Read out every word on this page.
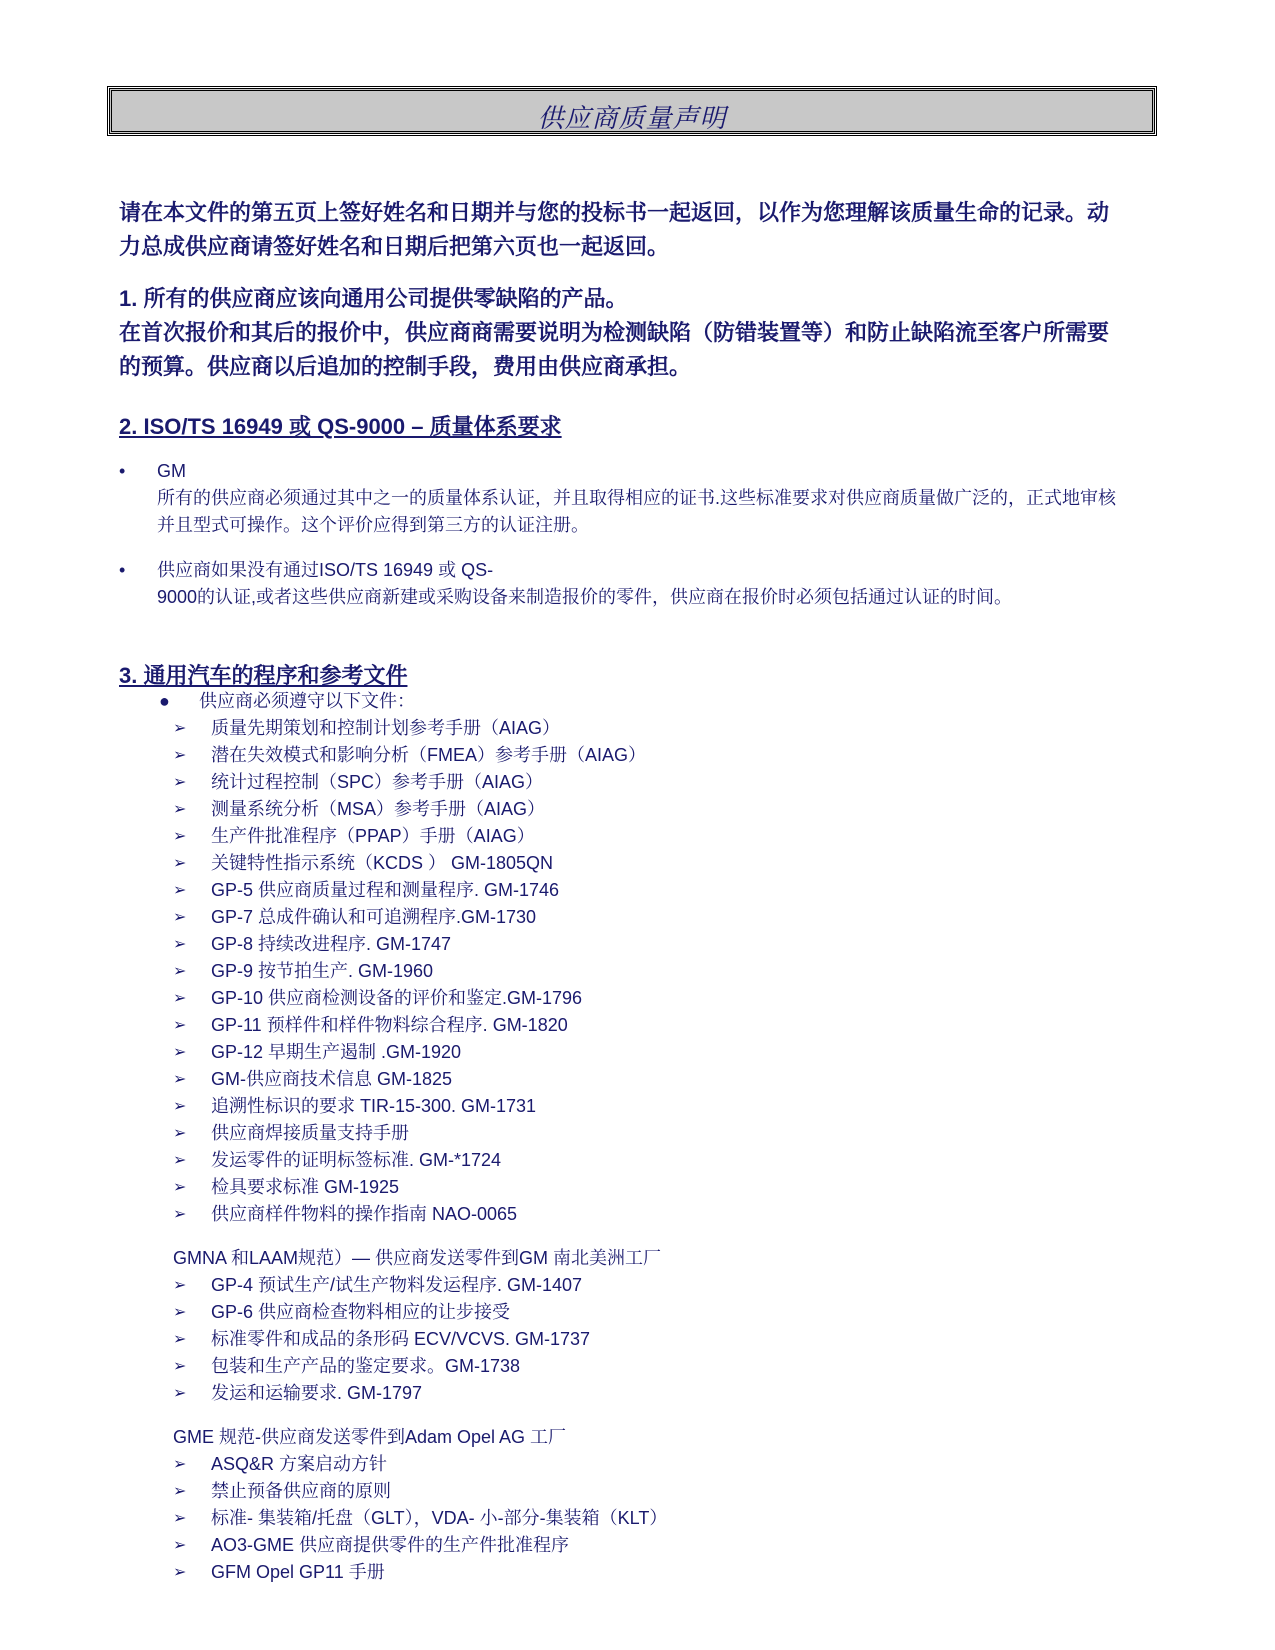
供应商质量声明
请在本文件的第五页上签好姓名和日期并与您的投标书一起返回，以作为您理解该质量生命的记录。动力总成供应商请签好姓名和日期后把第六页也一起返回。
1. 所有的供应商应该向通用公司提供零缺陷的产品。
在首次报价和其后的报价中，供应商商需要说明为检测缺陷（防错装置等）和防止缺陷流至客户所需要的预算。供应商以后追加的控制手段，费用由供应商承担。
2. ISO/TS 16949 或 QS-9000 – 质量体系要求
• GM
所有的供应商必须通过其中之一的质量体系认证，并且取得相应的证书.这些标准要求对供应商质量做广泛的，正式地审核并且型式可操作。这个评价应得到第三方的认证注册。
• 供应商如果没有通过ISO/TS 16949 或 QS-
9000的认证,或者这些供应商新建或采购设备来制造报价的零件，供应商在报价时必须包括通过认证的时间。
3. 通用汽车的程序和参考文件
● 供应商必须遵守以下文件：
➢ 质量先期策划和控制计划参考手册（AIAG）
➢ 潜在失效模式和影响分析（FMEA）参考手册（AIAG）
➢ 统计过程控制（SPC）参考手册（AIAG）
➢ 测量系统分析（MSA）参考手册（AIAG）
➢ 生产件批准程序（PPAP）手册（AIAG）
➢ 关键特性指示系统（KCDS ） GM-1805QN
➢ GP-5 供应商质量过程和测量程序. GM-1746
➢ GP-7 总成件确认和可追溯程序.GM-1730
➢ GP-8 持续改进程序. GM-1747
➢ GP-9 按节拍生产. GM-1960
➢ GP-10 供应商检测设备的评价和鉴定.GM-1796
➢ GP-11 预样件和样件物料综合程序. GM-1820
➢ GP-12 早期生产遏制 .GM-1920
➢ GM-供应商技术信息 GM-1825
➢ 追溯性标识的要求 TIR-15-300. GM-1731
➢ 供应商焊接质量支持手册
➢ 发运零件的证明标签标准. GM-*1724
➢ 检具要求标准 GM-1925
➢ 供应商样件物料的操作指南 NAO-0065
GMNA 和LAAM规范）— 供应商发送零件到GM 南北美洲工厂
➢ GP-4 预试生产/试生产物料发运程序. GM-1407
➢ GP-6 供应商检查物料相应的让步接受
➢ 标准零件和成品的条形码 ECV/VCVS. GM-1737
➢ 包装和生产产品的鉴定要求。GM-1738
➢ 发运和运输要求. GM-1797
GME 规范-供应商发送零件到Adam Opel AG 工厂
➢ ASQ&R 方案启动方针
➢ 禁止预备供应商的原则
➢ 标准- 集装箱/托盘（GLT），VDA- 小-部分-集装箱（KLT）
➢ AO3-GME 供应商提供零件的生产件批准程序
➢ GFM Opel GP11 手册
